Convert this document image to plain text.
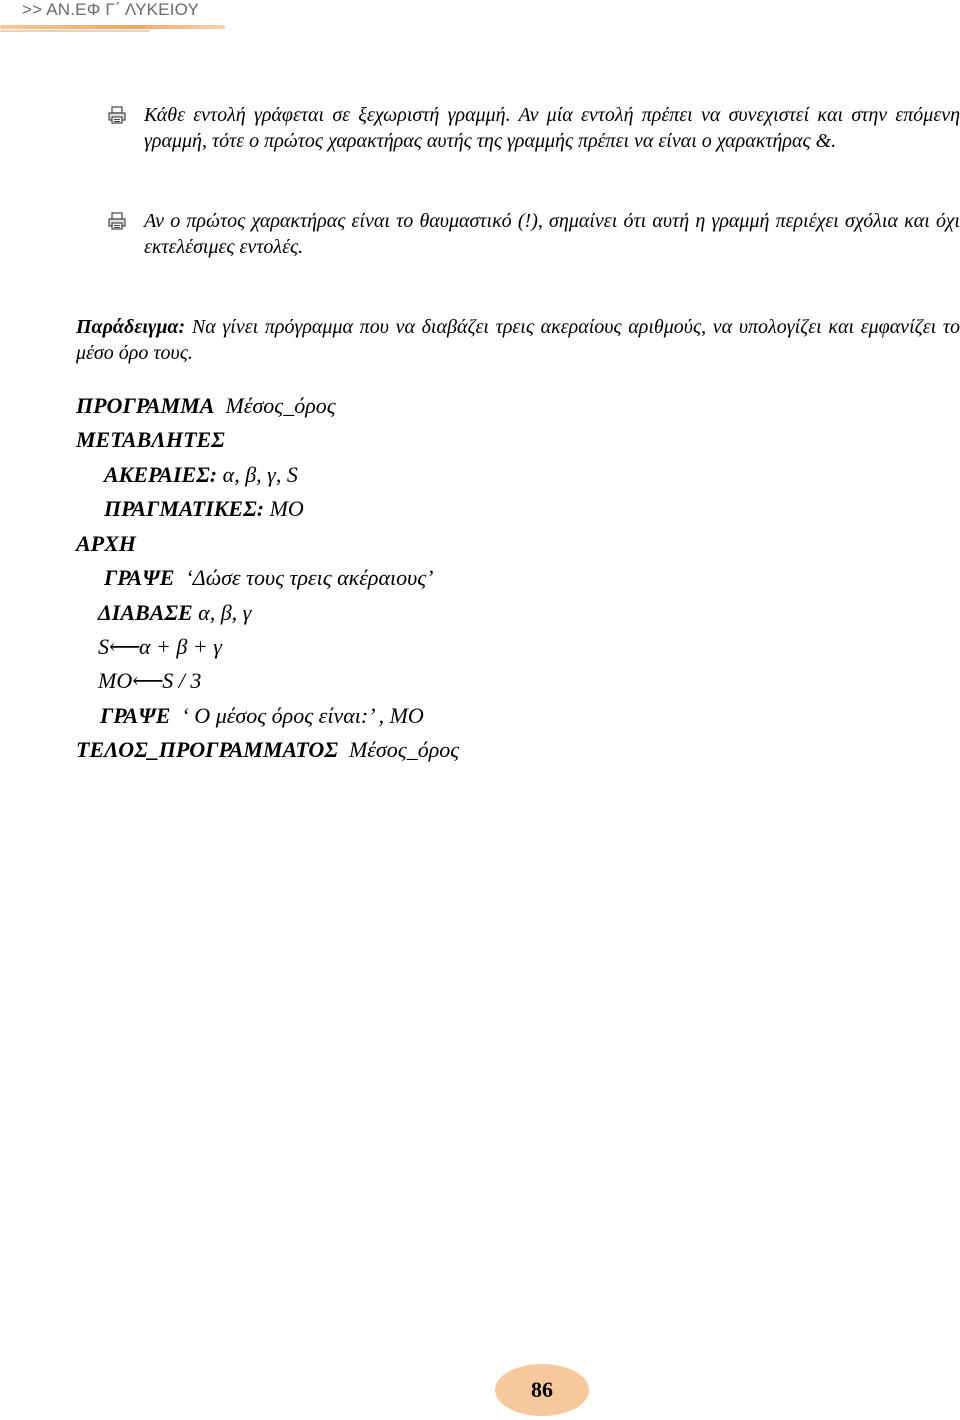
>> ΑΝ.ΕΦ Γ΄ ΛΥΚΕΙΟΥ
Κάθε εντολή γράφεται σε ξεχωριστή γραμμή. Αν μία εντολή πρέπει να συνεχιστεί και στην επόμενη γραμμή, τότε ο πρώτος χαρακτήρας αυτής της γραμμής πρέπει να είναι ο χαρακτήρας &.
Αν ο πρώτος χαρακτήρας είναι το θαυμαστικό (!), σημαίνει ότι αυτή η γραμμή περιέχει σχόλια και όχι εκτελέσιμες εντολές.
Παράδειγμα: Να γίνει πρόγραμμα που να διαβάζει τρεις ακεραίους αριθμούς, να υπολογίζει και εμφανίζει το μέσο όρο τους.
ΠΡΟΓΡΑΜΜΑ Μέσος_όρος
ΜΕΤΑΒΛΗΤΕΣ
ΑΚΕΡΑΙΕΣ: α, β, γ, S
ΠΡΑΓΜΑΤΙΚΕΣ: ΜΟ
ΑΡΧΗ
ΓΡΑΨΕ ‘Δώσε τους τρεις ακέραιους’
ΔΙΑΒΑΣΕ α, β, γ
S⟵α + β + γ
ΜΟ⟵S / 3
ΓΡΑΨΕ ‘ Ο μέσος όρος είναι:’ , ΜΟ
ΤΕΛΟΣ_ΠΡΟΓΡΑΜΜΑΤΟΣ Μέσος_όρος
86
